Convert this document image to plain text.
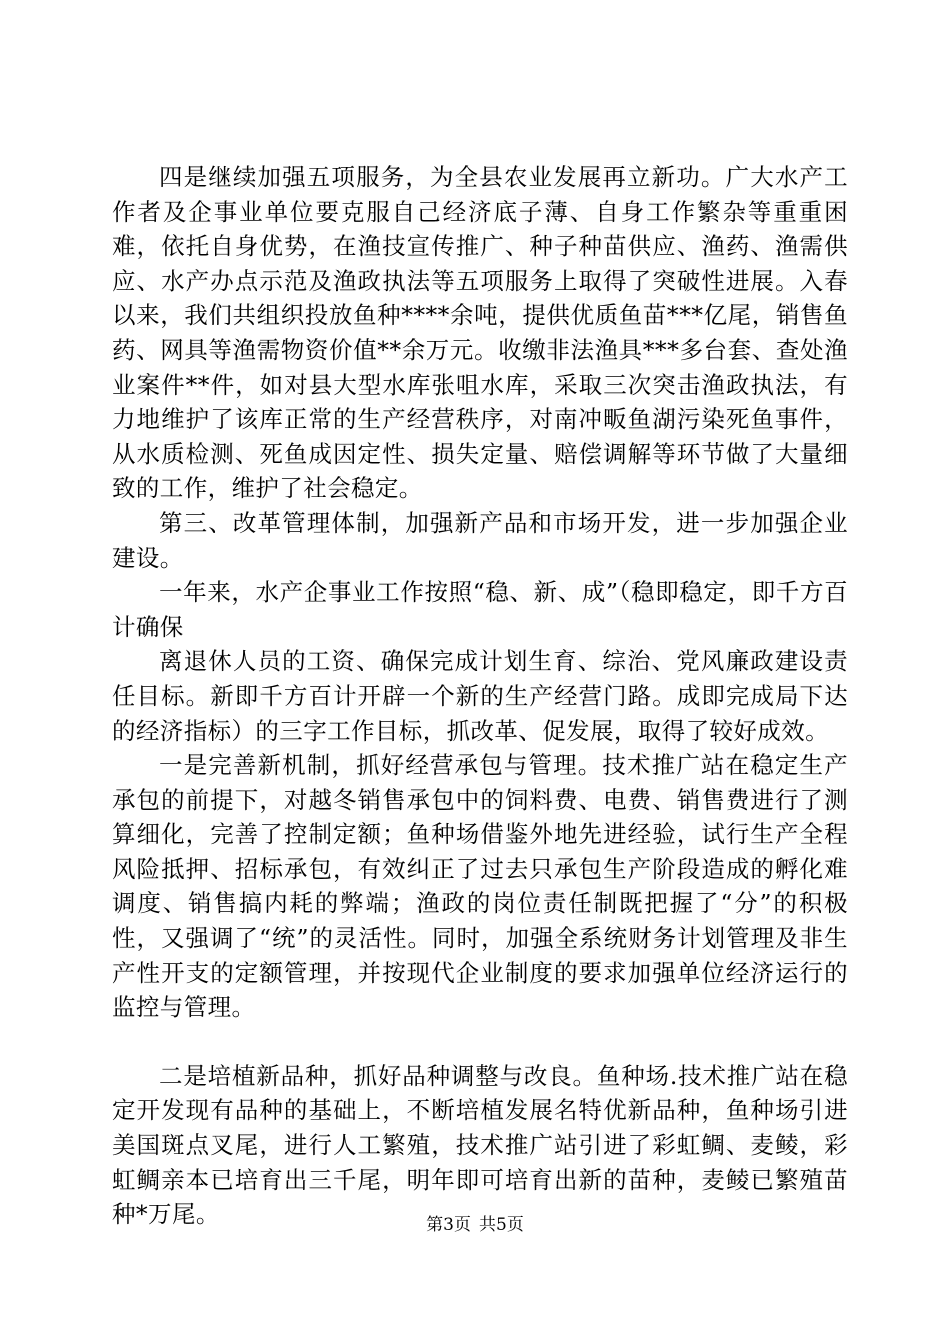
四是继续加强五项服务，为全县农业发展再立新功。广大水产工作者及企事业单位要克服自己经济底子薄、自身工作繁杂等重重困难，依托自身优势，在渔技宣传推广、种子种苗供应、渔药、渔需供应、水产办点示范及渔政执法等五项服务上取得了突破性进展。入春以来，我们共组织投放鱼种****余吨，提供优质鱼苗***亿尾，销售鱼药、网具等渔需物资价值**余万元。收缴非法渔具***多台套、查处渔业案件**件，如对县大型水库张咀水库，采取三次突击渔政执法，有力地维护了该库正常的生产经营秩序，对南冲畈鱼湖污染死鱼事件，从水质检测、死鱼成因定性、损失定量、赔偿调解等环节做了大量细致的工作，维护了社会稳定。

第三、改革管理体制，加强新产品和市场开发，进一步加强企业建设。

一年来，水产企事业工作按照“稳、新、成”（稳即稳定，即千方百计确保

离退休人员的工资、确保完成计划生育、综治、党风廉政建设责任目标。新即千方百计开辟一个新的生产经营门路。成即完成局下达的经济指标）的三字工作目标，抓改革、促发展，取得了较好成效。

一是完善新机制，抓好经营承包与管理。技术推广站在稳定生产承包的前提下，对越冬销售承包中的饲料费、电费、销售费进行了测算细化，完善了控制定额；鱼种场借鉴外地先进经验，试行生产全程风险抵押、招标承包，有效纠正了过去只承包生产阶段造成的孵化难调度、销售搞内耗的弊端；渔政的岗位责任制既把握了“分”的积极性，又强调了“统”的灵活性。同时，加强全系统财务计划管理及非生产性开支的定额管理，并按现代企业制度的要求加强单位经济运行的监控与管理。

二是培植新品种，抓好品种调整与改良。鱼种场.技术推广站在稳定开发现有品种的基础上，不断培植发展名特优新品种，鱼种场引进美国斑点叉尾，进行人工繁殖，技术推广站引进了彩虹鲷、麦鲮，彩虹鲷亲本已培育出三千尾，明年即可培育出新的苗种，麦鲮已繁殖苗种*万尾。	第3页 共5页
